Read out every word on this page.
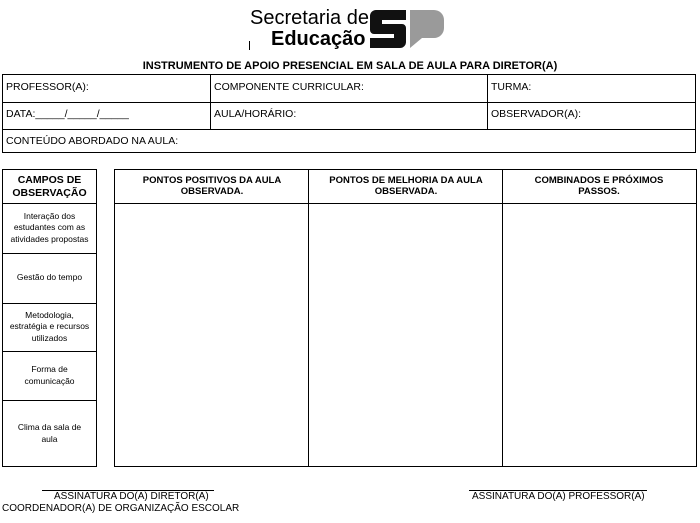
Secretaria de
Educação
INSTRUMENTO DE APOIO PRESENCIAL EM SALA DE AULA PARA DIRETOR(A)
PROFESSOR(A):	COMPONENTE CURRICULAR:	TURMA:
DATA:_____/_____/_____	AULA/HORÁRIO:	OBSERVADOR(A):
CONTEÚDO ABORDADO NA AULA:
CAMPOS DE OBSERVAÇÃO
Interação dos estudantes com as atividades propostas
Gestão do tempo
Metodologia, estratégia e recursos utilizados
Forma de comunicação
Clima da sala de aula
PONTOS POSITIVOS DA AULA OBSERVADA.
PONTOS DE MELHORIA DA AULA OBSERVADA.
COMBINADOS E PRÓXIMOS PASSOS.
ASSINATURA DO(A) DIRETOR(A)
COORDENADOR(A) DE ORGANIZAÇÃO ESCOLAR
ASSINATURA DO(A) PROFESSOR(A)
